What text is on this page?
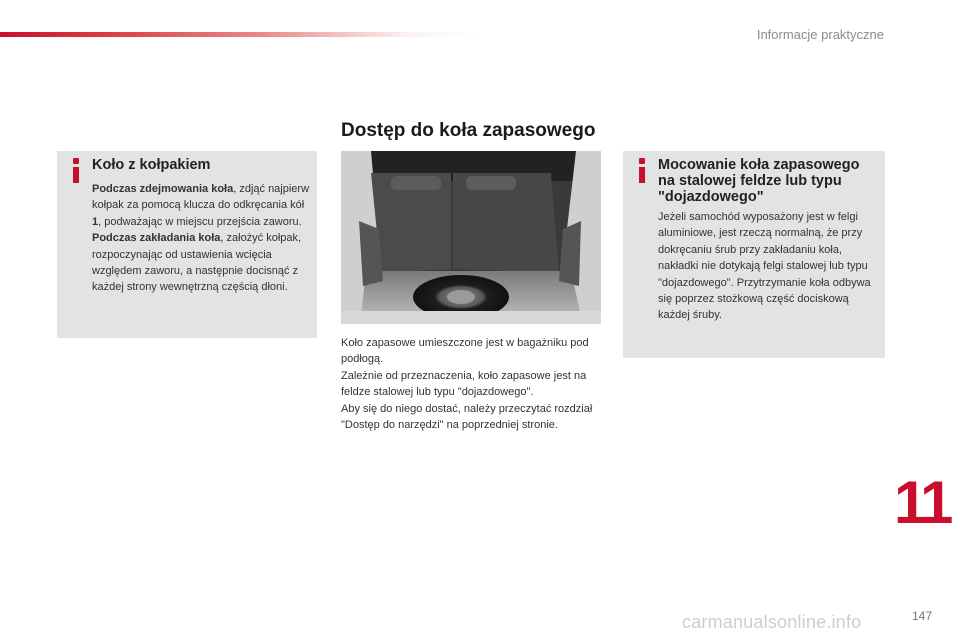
Informacje praktyczne
Dostęp do koła zapasowego
Koło z kołpakiem
Podczas zdejmowania koła, zdjąć najpierw kołpak za pomocą klucza do odkręcania kół 1, podważając w miejscu przejścia zaworu.
Podczas zakładania koła, założyć kołpak, rozpoczynając od ustawienia wcięcia względem zaworu, a następnie docisnąć z każdej strony wewnętrzną częścią dłoni.
Koło zapasowe umieszczone jest w bagażniku pod podłogą.
Zależnie od przeznaczenia, koło zapasowe jest na feldze stalowej lub typu "dojazdowego".
Aby się do niego dostać, należy przeczytać rozdział "Dostęp do narzędzi" na poprzedniej stronie.
Mocowanie koła zapasowego
na stalowej feldze lub typu
"dojazdowego"
Jeżeli samochód wyposażony jest w felgi aluminiowe, jest rzeczą normalną, że przy dokręcaniu śrub przy zakładaniu koła, nakładki nie dotykają felgi stalowej lub typu "dojazdowego". Przytrzymanie koła odbywa się poprzez stożkową część dociskową każdej śruby.
11
carmanualsonline.info	147
